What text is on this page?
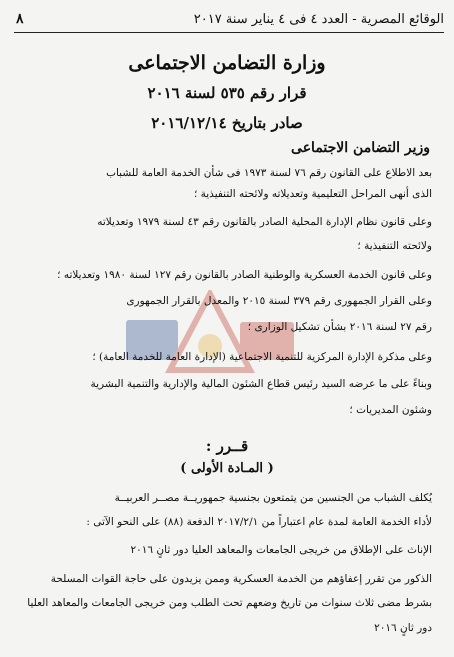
الوقائع المصرية - العدد ٤ فى ٤ يناير سنة ٢٠١٧
٨
وزارة التضامن الاجتماعى
قرار رقم ٥٣٥ لسنة ٢٠١٦
صادر بتاريخ ٢٠١٦/١٢/١٤
وزير التضامن الاجتماعى
بعد الاطلاع على القانون رقم ٧٦ لسنة ١٩٧٣ فى شأن الخدمة العامة للشباب
الذى أنهى المراحل التعليمية وتعديلاته ولائحته التنفيذية ؛
وعلى قانون نظام الإدارة المحلية الصادر بالقانون رقم ٤٣ لسنة ١٩٧٩ وتعديلاته
ولائحته التنفيذية ؛
وعلى قانون الخدمة العسكرية والوطنية الصادر بالقانون رقم ١٢٧ لسنة ١٩٨٠ وتعديلاته ؛
وعلى القرار الجمهورى رقم ٣٧٩ لسنة ٢٠١٥ والمعدل بالقرار الجمهورى
رقم ٢٧ لسنة ٢٠١٦ بشأن تشكيل الوزارى ؛
وعلى مذكرة الإدارة المركزية للتنمية الاجتماعية (الإدارة العامة للخدمة العامة) ؛
وبناءً على ما عرضه السيد رئيس قطاع الشئون المالية والإدارية والتنمية البشرية
وشئون المديريات ؛
قــرر :
( المـادة الأولى )
يُكلف الشباب من الجنسين من يتمتعون بجنسية جمهوريــة مصــر العربيــة
لأداء الخدمة العامة لمدة عام اعتباراً من ٢٠١٧/٢/١ الدفعة (٨٨) على النحو الآتى :
الإناث على الإطلاق من خريجى الجامعات والمعاهد العليا دور ثانٍ ٢٠١٦
الذكور من تقرر إعفاؤهم من الخدمة العسكرية وممن يزيدون على حاجة القوات المسلحة
بشرط مضى ثلاث سنوات من تاريخ وضعهم تحت الطلب ومن خريجى الجامعات والمعاهد العليا
دور ثانٍ ٢٠١٦
